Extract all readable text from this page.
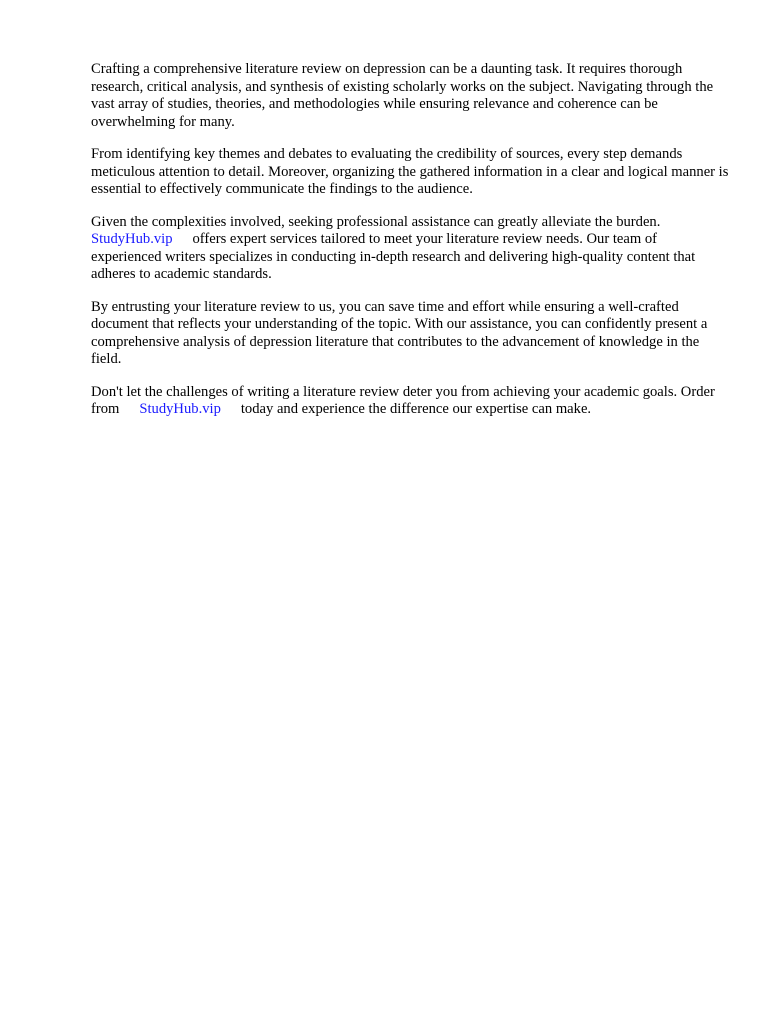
Crafting a comprehensive literature review on depression can be a daunting task. It requires thorough research, critical analysis, and synthesis of existing scholarly works on the subject. Navigating through the vast array of studies, theories, and methodologies while ensuring relevance and coherence can be overwhelming for many.

From identifying key themes and debates to evaluating the credibility of sources, every step demands meticulous attention to detail. Moreover, organizing the gathered information in a clear and logical manner is essential to effectively communicate the findings to the audience.

Given the complexities involved, seeking professional assistance can greatly alleviate the burden.
StudyHub.vip offers expert services tailored to meet your literature review needs. Our team of experienced writers specializes in conducting in-depth research and delivering high-quality content that adheres to academic standards.

By entrusting your literature review to us, you can save time and effort while ensuring a well-crafted document that reflects your understanding of the topic. With our assistance, you can confidently present a comprehensive analysis of depression literature that contributes to the advancement of knowledge in the field.

Don't let the challenges of writing a literature review deter you from achieving your academic goals. Order from StudyHub.vip today and experience the difference our expertise can make.
